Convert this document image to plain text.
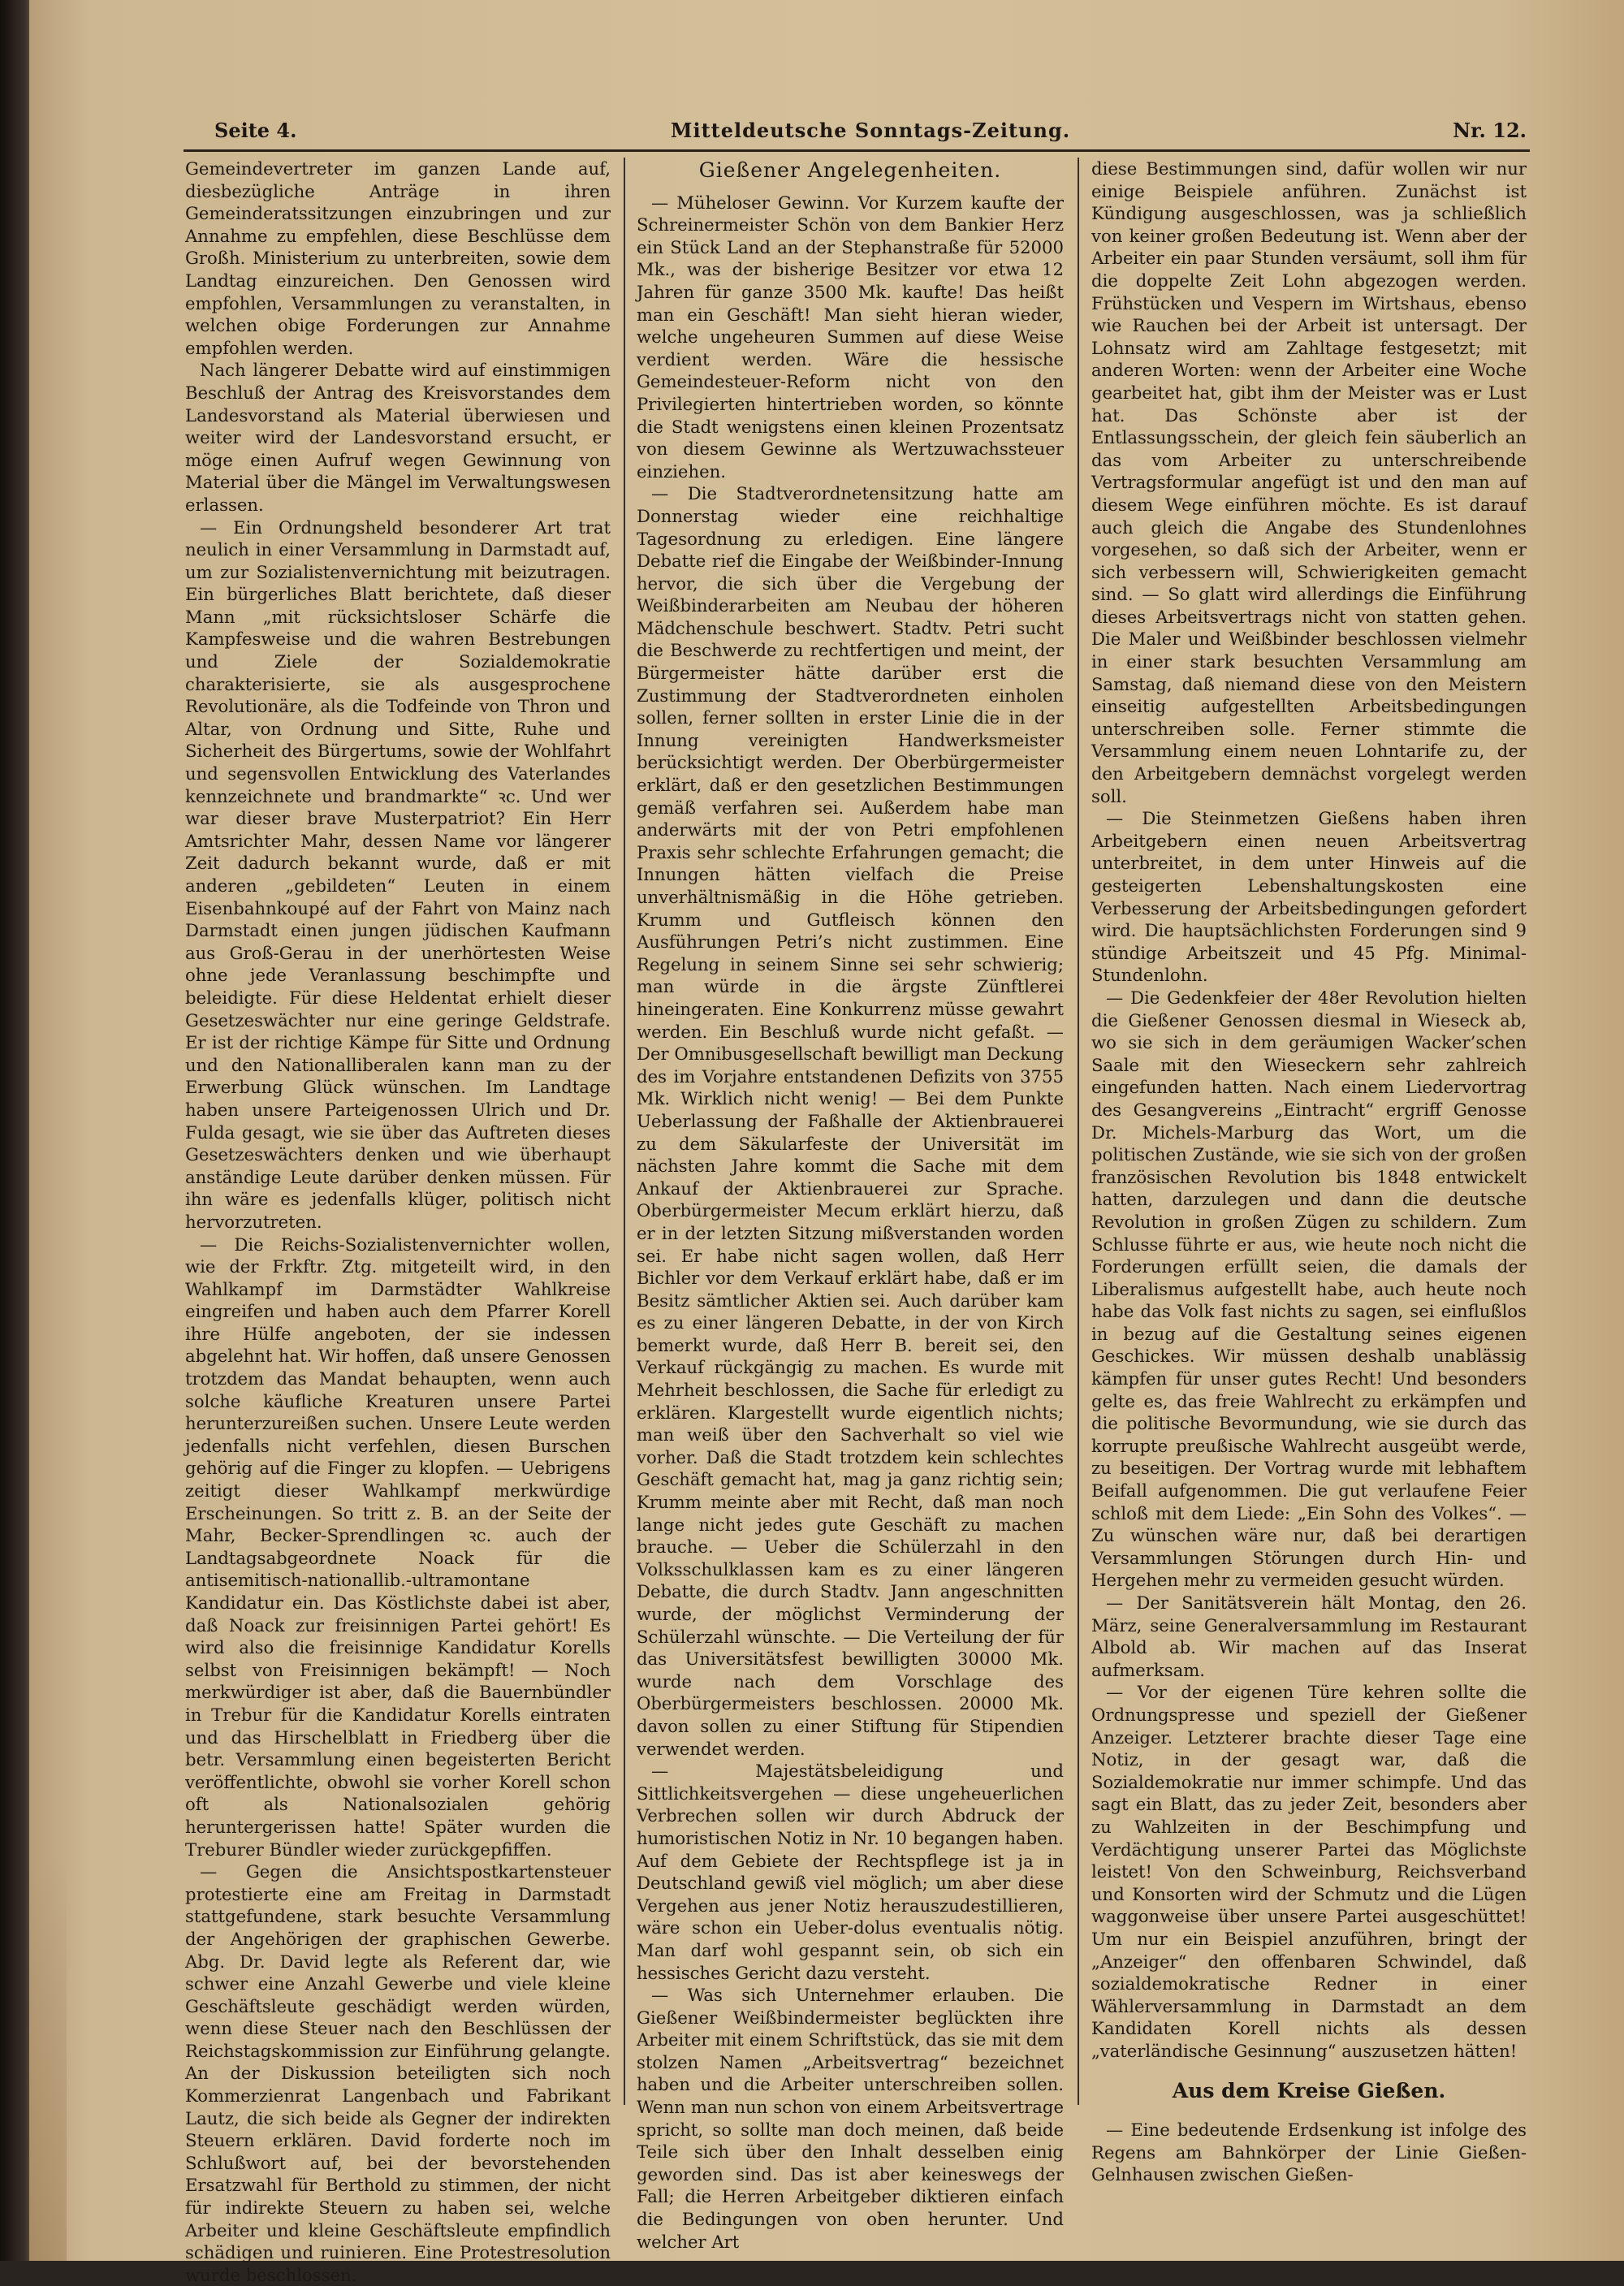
Seite 4.	Mitteldeutsche Sonntags-Zeitung.	Nr. 12.

Gemeindevertreter im ganzen Lande auf, diesbezügliche Anträge in ihren Gemeinderatssitzungen einzubringen und zur Annahme zu empfehlen, diese Beschlüsse dem Großh. Ministerium zu unterbreiten, sowie dem Landtag einzureichen. Den Genossen wird empfohlen, Versammlungen zu veranstalten, in welchen obige Forderungen zur Annahme empfohlen werden.

Nach längerer Debatte wird auf einstimmigen Beschluß der Antrag des Kreisvorstandes dem Landesvorstand als Material überwiesen und weiter wird der Landesvorstand ersucht, er möge einen Aufruf wegen Gewinnung von Material über die Mängel im Verwaltungswesen erlassen.

— Ein Ordnungsheld besonderer Art trat neulich in einer Versammlung in Darmstadt auf, um zur Sozialistenvernichtung mit beizutragen. Ein bürgerliches Blatt berichtete, daß dieser Mann „mit rücksichtsloser Schärfe die Kampfesweise und die wahren Bestrebungen und Ziele der Sozialdemokratie charakterisierte, sie als ausgesprochene Revolutionäre, als die Todfeinde von Thron und Altar, von Ordnung und Sitte, Ruhe und Sicherheit des Bürgertums, sowie der Wohlfahrt und segensvollen Entwicklung des Vaterlandes kennzeichnete und brandmarkte“ ꝛc. Und wer war dieser brave Musterpatriot? Ein Herr Amtsrichter Mahr, dessen Name vor längerer Zeit dadurch bekannt wurde, daß er mit anderen „gebildeten“ Leuten in einem Eisenbahnkoupé auf der Fahrt von Mainz nach Darmstadt einen jungen jüdischen Kaufmann aus Groß-Gerau in der unerhörtesten Weise ohne jede Veranlassung beschimpfte und beleidigte. Für diese Heldentat erhielt dieser Gesetzeswächter nur eine geringe Geldstrafe. Er ist der richtige Kämpe für Sitte und Ordnung und den Nationalliberalen kann man zu der Erwerbung Glück wünschen. Im Landtage haben unsere Parteigenossen Ulrich und Dr. Fulda gesagt, wie sie über das Auftreten dieses Gesetzeswächters denken und wie überhaupt anständige Leute darüber denken müssen. Für ihn wäre es jedenfalls klüger, politisch nicht hervorzutreten.

— Die Reichs-Sozialistenvernichter wollen, wie der Frkftr. Ztg. mitgeteilt wird, in den Wahlkampf im Darmstädter Wahlkreise eingreifen und haben auch dem Pfarrer Korell ihre Hülfe angeboten, der sie indessen abgelehnt hat. Wir hoffen, daß unsere Genossen trotzdem das Mandat behaupten, wenn auch solche käufliche Kreaturen unsere Partei herunterzureißen suchen. Unsere Leute werden jedenfalls nicht verfehlen, diesen Burschen gehörig auf die Finger zu klopfen. — Uebrigens zeitigt dieser Wahlkampf merkwürdige Erscheinungen. So tritt z. B. an der Seite der Mahr, Becker-Sprendlingen ꝛc. auch der Landtagsabgeordnete Noack für die antisemitisch-nationallib.-ultramontane Kandidatur ein. Das Köstlichste dabei ist aber, daß Noack zur freisinnigen Partei gehört! Es wird also die freisinnige Kandidatur Korells selbst von Freisinnigen bekämpft! — Noch merkwürdiger ist aber, daß die Bauernbündler in Trebur für die Kandidatur Korells eintraten und das Hirschelblatt in Friedberg über die betr. Versammlung einen begeisterten Bericht veröffentlichte, obwohl sie vorher Korell schon oft als Nationalsozialen gehörig heruntergerissen hatte! Später wurden die Treburer Bündler wieder zurückgepfiffen.

— Gegen die Ansichtspostkartensteuer protestierte eine am Freitag in Darmstadt stattgefundene, stark besuchte Versammlung der Angehörigen der graphischen Gewerbe. Abg. Dr. David legte als Referent dar, wie schwer eine Anzahl Gewerbe und viele kleine Geschäftsleute geschädigt werden würden, wenn diese Steuer nach den Beschlüssen der Reichstagskommission zur Einführung gelangte. An der Diskussion beteiligten sich noch Kommerzienrat Langenbach und Fabrikant Lautz, die sich beide als Gegner der indirekten Steuern erklären. David forderte noch im Schlußwort auf, bei der bevorstehenden Ersatzwahl für Berthold zu stimmen, der nicht für indirekte Steuern zu haben sei, welche Arbeiter und kleine Geschäftsleute empfindlich schädigen und ruinieren. Eine Protestresolution wurde beschlossen.

Gießener Angelegenheiten.

— Müheloser Gewinn. Vor Kurzem kaufte der Schreinermeister Schön von dem Bankier Herz ein Stück Land an der Stephanstraße für 52000 Mk., was der bisherige Besitzer vor etwa 12 Jahren für ganze 3500 Mk. kaufte! Das heißt man ein Geschäft! Man sieht hieran wieder, welche ungeheuren Summen auf diese Weise verdient werden. Wäre die hessische Gemeindesteuer-Reform nicht von den Privilegierten hintertrieben worden, so könnte die Stadt wenigstens einen kleinen Prozentsatz von diesem Gewinne als Wertzuwachssteuer einziehen.

— Die Stadtverordnetensitzung hatte am Donnerstag wieder eine reichhaltige Tagesordnung zu erledigen. Eine längere Debatte rief die Eingabe der Weißbinder-Innung hervor, die sich über die Vergebung der Weißbinderarbeiten am Neubau der höheren Mädchenschule beschwert. Stadtv. Petri sucht die Beschwerde zu rechtfertigen und meint, der Bürgermeister hätte darüber erst die Zustimmung der Stadtverordneten einholen sollen, ferner sollten in erster Linie die in der Innung vereinigten Handwerksmeister berücksichtigt werden. Der Oberbürgermeister erklärt, daß er den gesetzlichen Bestimmungen gemäß verfahren sei. Außerdem habe man anderwärts mit der von Petri empfohlenen Praxis sehr schlechte Erfahrungen gemacht; die Innungen hätten vielfach die Preise unverhältnismäßig in die Höhe getrieben. Krumm und Gutfleisch können den Ausführungen Petri’s nicht zustimmen. Eine Regelung in seinem Sinne sei sehr schwierig; man würde in die ärgste Zünftlerei hineingeraten. Eine Konkurrenz müsse gewahrt werden. Ein Beschluß wurde nicht gefaßt. — Der Omnibusgesellschaft bewilligt man Deckung des im Vorjahre entstandenen Defizits von 3755 Mk. Wirklich nicht wenig! — Bei dem Punkte Ueberlassung der Faßhalle der Aktienbrauerei zu dem Säkularfeste der Universität im nächsten Jahre kommt die Sache mit dem Ankauf der Aktienbrauerei zur Sprache. Oberbürgermeister Mecum erklärt hierzu, daß er in der letzten Sitzung mißverstanden worden sei. Er habe nicht sagen wollen, daß Herr Bichler vor dem Verkauf erklärt habe, daß er im Besitz sämtlicher Aktien sei. Auch darüber kam es zu einer längeren Debatte, in der von Kirch bemerkt wurde, daß Herr B. bereit sei, den Verkauf rückgängig zu machen. Es wurde mit Mehrheit beschlossen, die Sache für erledigt zu erklären. Klargestellt wurde eigentlich nichts; man weiß über den Sachverhalt so viel wie vorher. Daß die Stadt trotzdem kein schlechtes Geschäft gemacht hat, mag ja ganz richtig sein; Krumm meinte aber mit Recht, daß man noch lange nicht jedes gute Geschäft zu machen brauche. — Ueber die Schülerzahl in den Volksschulklassen kam es zu einer längeren Debatte, die durch Stadtv. Jann angeschnitten wurde, der möglichst Verminderung der Schülerzahl wünschte. — Die Verteilung der für das Universitätsfest bewilligten 30000 Mk. wurde nach dem Vorschlage des Oberbürgermeisters beschlossen. 20000 Mk. davon sollen zu einer Stiftung für Stipendien verwendet werden.

— Majestätsbeleidigung und Sittlichkeitsvergehen — diese ungeheuerlichen Verbrechen sollen wir durch Abdruck der humoristischen Notiz in Nr. 10 begangen haben. Auf dem Gebiete der Rechtspflege ist ja in Deutschland gewiß viel möglich; um aber diese Vergehen aus jener Notiz herauszudestillieren, wäre schon ein Ueber-dolus eventualis nötig. Man darf wohl gespannt sein, ob sich ein hessisches Gericht dazu versteht.

— Was sich Unternehmer erlauben. Die Gießener Weißbindermeister beglückten ihre Arbeiter mit einem Schriftstück, das sie mit dem stolzen Namen „Arbeitsvertrag“ bezeichnet haben und die Arbeiter unterschreiben sollen. Wenn man nun schon von einem Arbeitsvertrage spricht, so sollte man doch meinen, daß beide Teile sich über den Inhalt desselben einig geworden sind. Das ist aber keineswegs der Fall; die Herren Arbeitgeber diktieren einfach die Bedingungen von oben herunter. Und welcher Art

diese Bestimmungen sind, dafür wollen wir nur einige Beispiele anführen. Zunächst ist Kündigung ausgeschlossen, was ja schließlich von keiner großen Bedeutung ist. Wenn aber der Arbeiter ein paar Stunden versäumt, soll ihm für die doppelte Zeit Lohn abgezogen werden. Frühstücken und Vespern im Wirtshaus, ebenso wie Rauchen bei der Arbeit ist untersagt. Der Lohnsatz wird am Zahltage festgesetzt; mit anderen Worten: wenn der Arbeiter eine Woche gearbeitet hat, gibt ihm der Meister was er Lust hat. Das Schönste aber ist der Entlassungsschein, der gleich fein säuberlich an das vom Arbeiter zu unterschreibende Vertragsformular angefügt ist und den man auf diesem Wege einführen möchte. Es ist darauf auch gleich die Angabe des Stundenlohnes vorgesehen, so daß sich der Arbeiter, wenn er sich verbessern will, Schwierigkeiten gemacht sind. — So glatt wird allerdings die Einführung dieses Arbeitsvertrags nicht von statten gehen. Die Maler und Weißbinder beschlossen vielmehr in einer stark besuchten Versammlung am Samstag, daß niemand diese von den Meistern einseitig aufgestellten Arbeitsbedingungen unterschreiben solle. Ferner stimmte die Versammlung einem neuen Lohntarife zu, der den Arbeitgebern demnächst vorgelegt werden soll.

— Die Steinmetzen Gießens haben ihren Arbeitgebern einen neuen Arbeitsvertrag unterbreitet, in dem unter Hinweis auf die gesteigerten Lebenshaltungskosten eine Verbesserung der Arbeitsbedingungen gefordert wird. Die hauptsächlichsten Forderungen sind 9 stündige Arbeitszeit und 45 Pfg. Minimal-Stundenlohn.

— Die Gedenkfeier der 48er Revolution hielten die Gießener Genossen diesmal in Wieseck ab, wo sie sich in dem geräumigen Wacker’schen Saale mit den Wieseckern sehr zahlreich eingefunden hatten. Nach einem Liedervortrag des Gesangvereins „Eintracht“ ergriff Genosse Dr. Michels-Marburg das Wort, um die politischen Zustände, wie sie sich von der großen französischen Revolution bis 1848 entwickelt hatten, darzulegen und dann die deutsche Revolution in großen Zügen zu schildern. Zum Schlusse führte er aus, wie heute noch nicht die Forderungen erfüllt seien, die damals der Liberalismus aufgestellt habe, auch heute noch habe das Volk fast nichts zu sagen, sei einflußlos in bezug auf die Gestaltung seines eigenen Geschickes. Wir müssen deshalb unablässig kämpfen für unser gutes Recht! Und besonders gelte es, das freie Wahlrecht zu erkämpfen und die politische Bevormundung, wie sie durch das korrupte preußische Wahlrecht ausgeübt werde, zu beseitigen. Der Vortrag wurde mit lebhaftem Beifall aufgenommen. Die gut verlaufene Feier schloß mit dem Liede: „Ein Sohn des Volkes“. — Zu wünschen wäre nur, daß bei derartigen Versammlungen Störungen durch Hin- und Hergehen mehr zu vermeiden gesucht würden.

— Der Sanitätsverein hält Montag, den 26. März, seine Generalversammlung im Restaurant Albold ab. Wir machen auf das Inserat aufmerksam.

— Vor der eigenen Türe kehren sollte die Ordnungspresse und speziell der Gießener Anzeiger. Letzterer brachte dieser Tage eine Notiz, in der gesagt war, daß die Sozialdemokratie nur immer schimpfe. Und das sagt ein Blatt, das zu jeder Zeit, besonders aber zu Wahlzeiten in der Beschimpfung und Verdächtigung unserer Partei das Möglichste leistet! Von den Schweinburg, Reichsverband und Konsorten wird der Schmutz und die Lügen waggonweise über unsere Partei ausgeschüttet! Um nur ein Beispiel anzuführen, bringt der „Anzeiger“ den offenbaren Schwindel, daß sozialdemokratische Redner in einer Wählerversammlung in Darmstadt an dem Kandidaten Korell nichts als dessen „vaterländische Gesinnung“ auszusetzen hätten!

Aus dem Kreise Gießen.

— Eine bedeutende Erdsenkung ist infolge des Regens am Bahnkörper der Linie Gießen-Gelnhausen zwischen Gießen-
